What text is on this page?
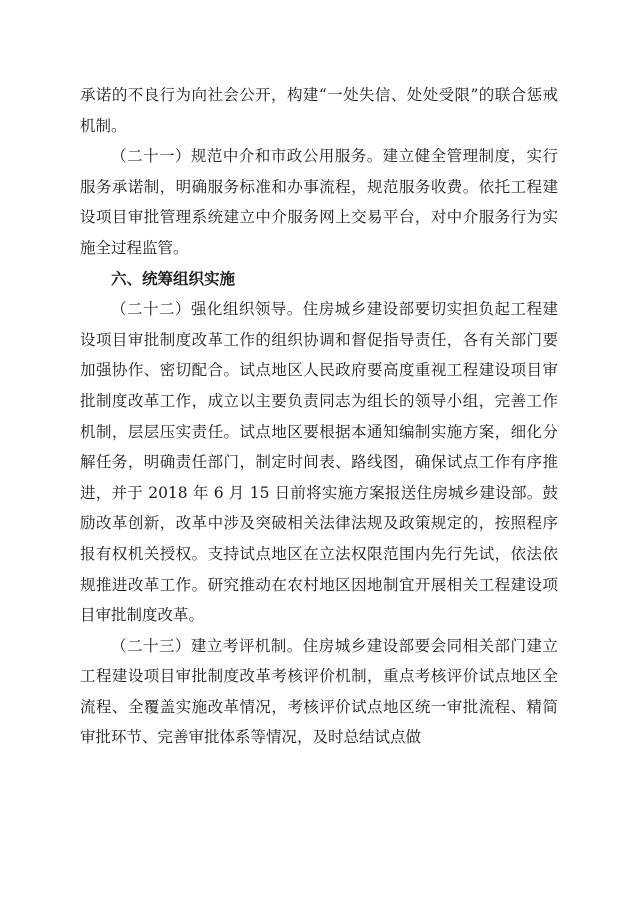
承诺的不良行为向社会公开，构建“一处失信、处处受限”的联合惩戒机制。

（二十一）规范中介和市政公用服务。建立健全管理制度，实行服务承诺制，明确服务标准和办事流程，规范服务收费。依托工程建设项目审批管理系统建立中介服务网上交易平台，对中介服务行为实施全过程监管。

六、统筹组织实施

（二十二）强化组织领导。住房城乡建设部要切实担负起工程建设项目审批制度改革工作的组织协调和督促指导责任，各有关部门要加强协作、密切配合。试点地区人民政府要高度重视工程建设项目审批制度改革工作，成立以主要负责同志为组长的领导小组，完善工作机制，层层压实责任。试点地区要根据本通知编制实施方案，细化分解任务，明确责任部门，制定时间表、路线图，确保试点工作有序推进，并于 2018 年 6 月 15 日前将实施方案报送住房城乡建设部。鼓励改革创新，改革中涉及突破相关法律法规及政策规定的，按照程序报有权机关授权。支持试点地区在立法权限范围内先行先试，依法依规推进改革工作。研究推动在农村地区因地制宜开展相关工程建设项目审批制度改革。

（二十三）建立考评机制。住房城乡建设部要会同相关部门建立工程建设项目审批制度改革考核评价机制，重点考核评价试点地区全流程、全覆盖实施改革情况，考核评价试点地区统一审批流程、精简审批环节、完善审批体系等情况，及时总结试点做
